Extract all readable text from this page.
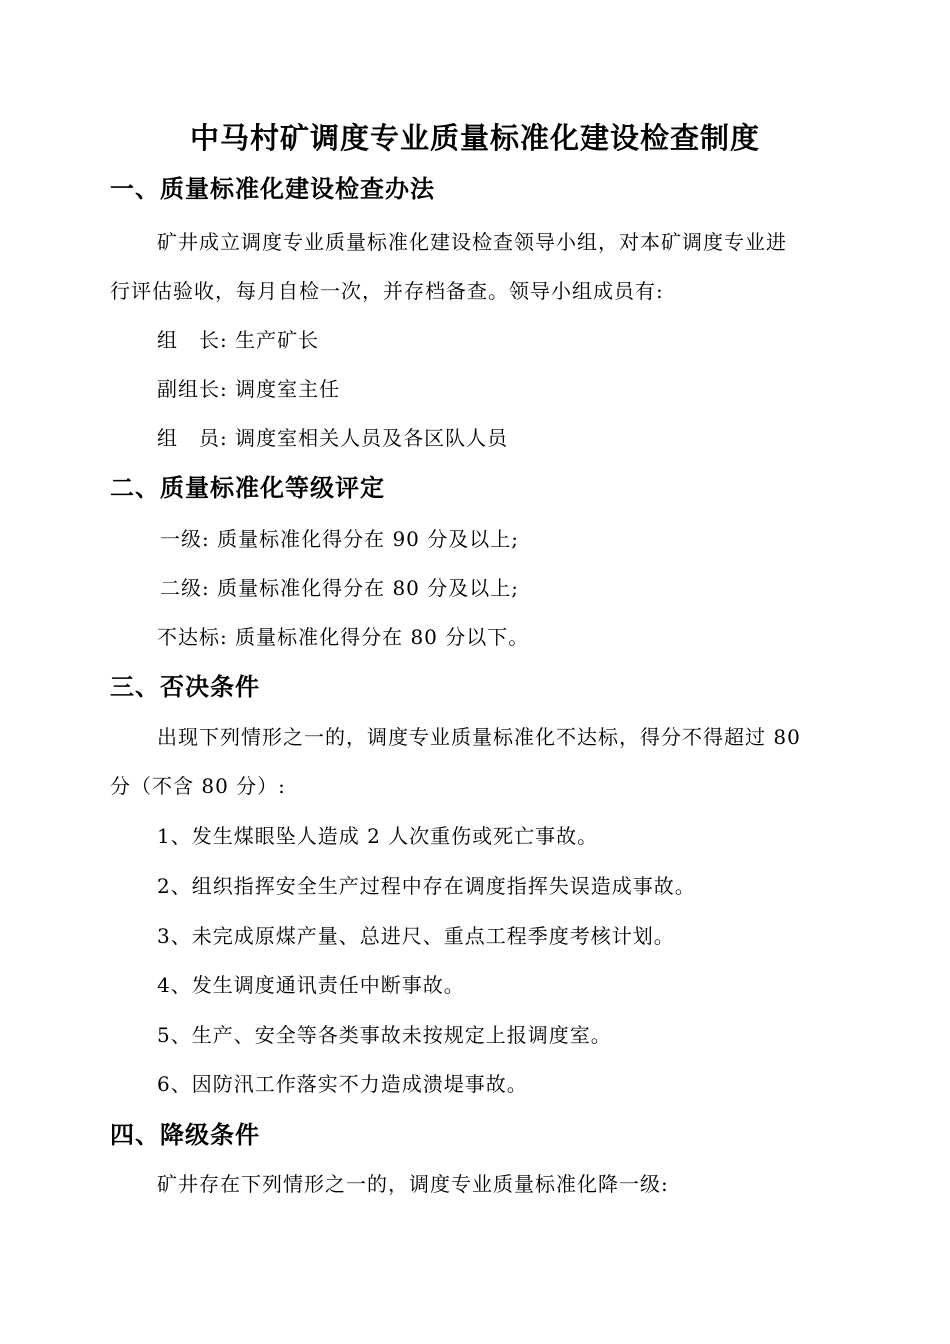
中马村矿调度专业质量标准化建设检查制度
一、质量标准化建设检查办法
矿井成立调度专业质量标准化建设检查领导小组，对本矿调度专业进
行评估验收，每月自检一次，并存档备查。领导小组成员有:
组　长: 生产矿长
副组长: 调度室主任
组　员: 调度室相关人员及各区队人员
二、质量标准化等级评定
一级: 质量标准化得分在 90 分及以上;
二级: 质量标准化得分在 80 分及以上;
不达标: 质量标准化得分在 80 分以下。
三、否决条件
出现下列情形之一的，调度专业质量标准化不达标，得分不得超过 80
分（不含 80 分）:
1、发生煤眼坠人造成 2 人次重伤或死亡事故。
2、组织指挥安全生产过程中存在调度指挥失误造成事故。
3、未完成原煤产量、总进尺、重点工程季度考核计划。
4、发生调度通讯责任中断事故。
5、生产、安全等各类事故未按规定上报调度室。
6、因防汛工作落实不力造成溃堤事故。
四、降级条件
矿井存在下列情形之一的，调度专业质量标准化降一级:
